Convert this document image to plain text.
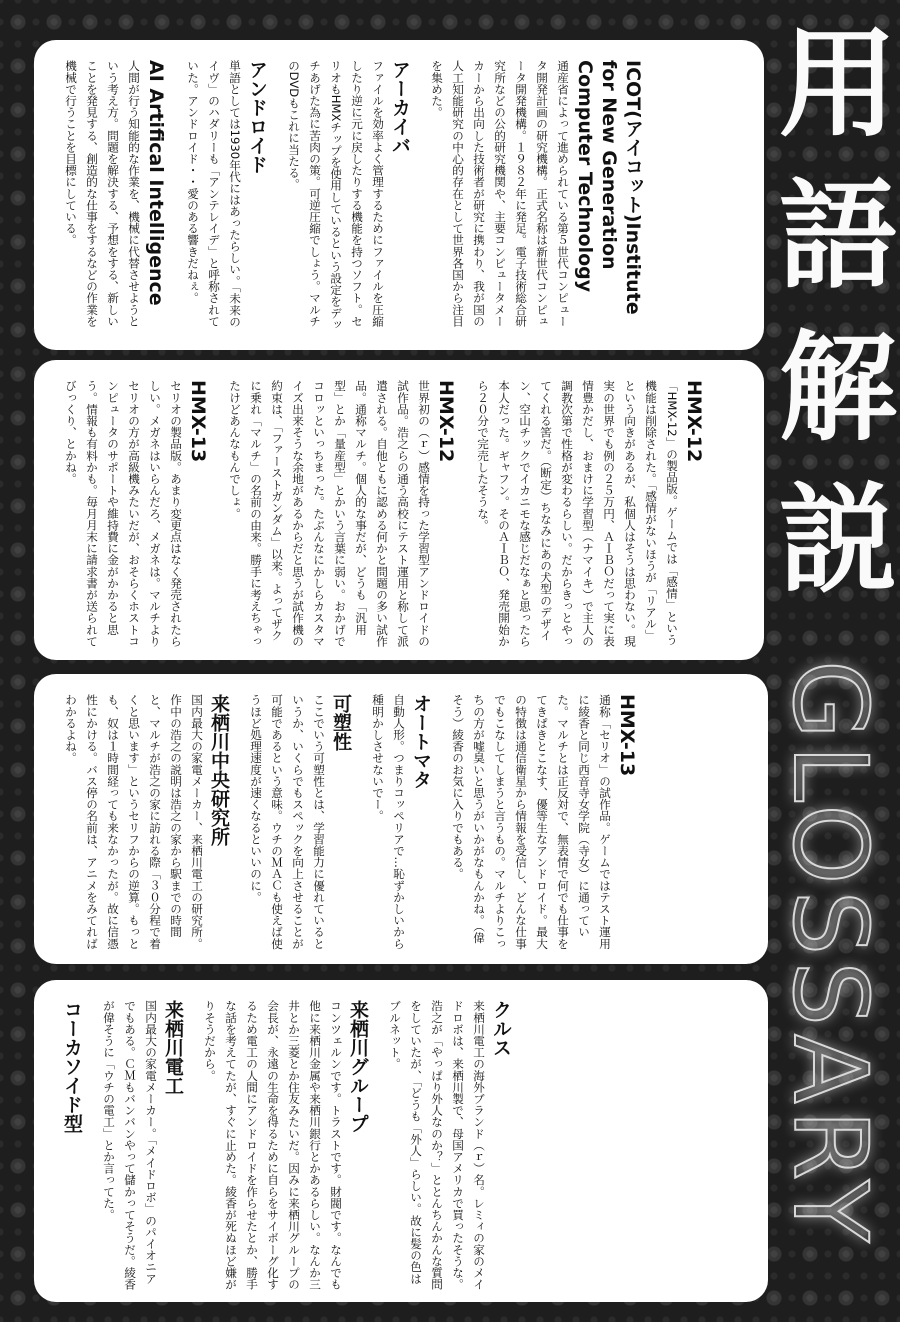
用
語
解
説
GLOSSARY
ICOT(アイコット)Institute for New Generation Computer Technology

通産省によって進められている第５世代コンピュータ開発計画の研究機構。正式名称は新世代コンピュータ開発機構。１９８２年に発足。電子技術総合研究所などの公的研究機関や、主要コンピュータメーカーから出向した技術者が研究に携わり、我が国の人工知能研究の中心的存在として世界各国から注目を集めた。
アーカイバ

ファイルを効率よく管理するためにファイルを圧縮したり逆に元に戻したりする機能を持つソフト。セリオもHMXチップを使用しているという設定をデッチあげた為に苦肉の策。可逆圧縮でしょう。マルチのDVDもこれに当たる。
アンドロイド

単語としては1930年代にはあったらしい。「未来のイヴ」のハダリーも「アンテレイデ」と呼称されていた。アンドロイド・・愛のある響きだねぇ。
AI Artifical Intelligence

人間が行う知能的な作業を、機械に代替させようという考え方。問題を解決する、予想をする、新しいことを発見する、創造的な仕事をするなどの作業を機械で行うことを目標にしている。
HMX-12

「HMX-12」の製品版。ゲームでは「感情」という機能は削除された。「感情がないほうが「リアル」という向きがあるが、私個人はそうは思わない。現実の世界でも例の２５万円、ＡＩＢＯだって実に表情豊かだし、おまけに学習型（ナマイキ）で主人の調教次第で性格が変わるらしい。だからきっとやってくれる筈だ。（断定）ちなみにあの犬型のデザイン、空山チックでイカニモな感じだなぁと思ったら本人だった。ギャフン。そのＡＩＢＯ、発売開始から２０分で完売したそうな。
HMX-12

世界初の（ｒ）感情を持った学習型アンドロイドの試作品。浩之らの通う高校にテスト運用と称して派遣される。自他ともに認める何かと問題の多い試作品。通称マルチ。個人的な事だが、どうも「汎用型」とか「量産型」とかいう言葉に弱い。おかげでコロッといっちまった。たぶんなにかしらカスタマイズ出来そうな余地があるからだと思うが試作機の約束は、「ファーストガンダム」以来。よってザクに乗れ「マルチ」の名前の由来。勝手に考えちゃったけどあんなもんでしょ。
HMX-13

セリオの製品版。あまり変更点はなく発売されたらしい。メガネはいらんだろ、メガネは。マルチよりセリオの方が高級機みたいだが、おそらくホストコンピュータのサポートや維持費に金がかかると思う。情報も有料かも。毎月月末に請求書が送られてびっくり、とかね。
HMX-13

通称「セリオ」の試作品。ゲームではテスト運用に綾香と同じ西音寺女学院（寺女）に通っていた。マルチとは正反対で、無表情で何でも仕事をてきぱきとこなす、優等生なアンドロイド。最大の特徴は通信衛星から情報を受信し、どんな仕事でもこなしてしまうと言うもの。マルチよりこっちの方が嘘臭いと思うがいかがなもんかね。（偉そう）綾香のお気に入りでもある。
オートマタ

自動人形。つまりコッペリアで…恥ずかしいから種明かしさせないでー。
可塑性

ここでいう可塑性とは、学習能力に優れているというか、いくらでもスペックを向上させることが可能であるという意味。ウチのＭＡＣも使えば使うほど処理速度が速くなるといいのに。
来栖川中央研究所

国内最大の家電メーカー、来栖川電工の研究所。作中の浩之の説明は浩之の家から駅までの時間と、マルチが浩之の家に訪れる際「３０分程で着くと思います」というセリフからの逆算。もっとも、奴は１時間経っても来なかったが。故に信憑性にかける。バス停の名前は、アニメをみてればわかるよね。
クルス

来栖川電工の海外ブランド（ｒ）名。レミィの家のメイドロボは、来栖川製で、母国アメリカで買ったそうな。浩之が「やっぱり外人なのか？」ととんちんかんな質問をしていたが、「どうも「外人」らしい。故に髪の色はブルネット。
来栖川グループ

コンツェルンです。トラストです。財閥です。なんでも他に来栖川金属や来栖川銀行とかあるらしい。なんか三井とか三菱とか住友みたいだ。因みに来栖川グループの会長が、永遠の生命を得るために自らをサイボーグ化するため電工の人間にアンドロイドを作らせたとか、勝手な話を考えてたが、すぐに止めた。綾香が死ぬほど嫌がりそうだから。
来栖川電工

国内最大の家電メーカー。「メイドロボ」のパイオニアでもある。ＣＭもバンバンやって儲かってそうだ。綾香が偉そうに「ウチの電工」とか言ってた。
コーカソイド型
